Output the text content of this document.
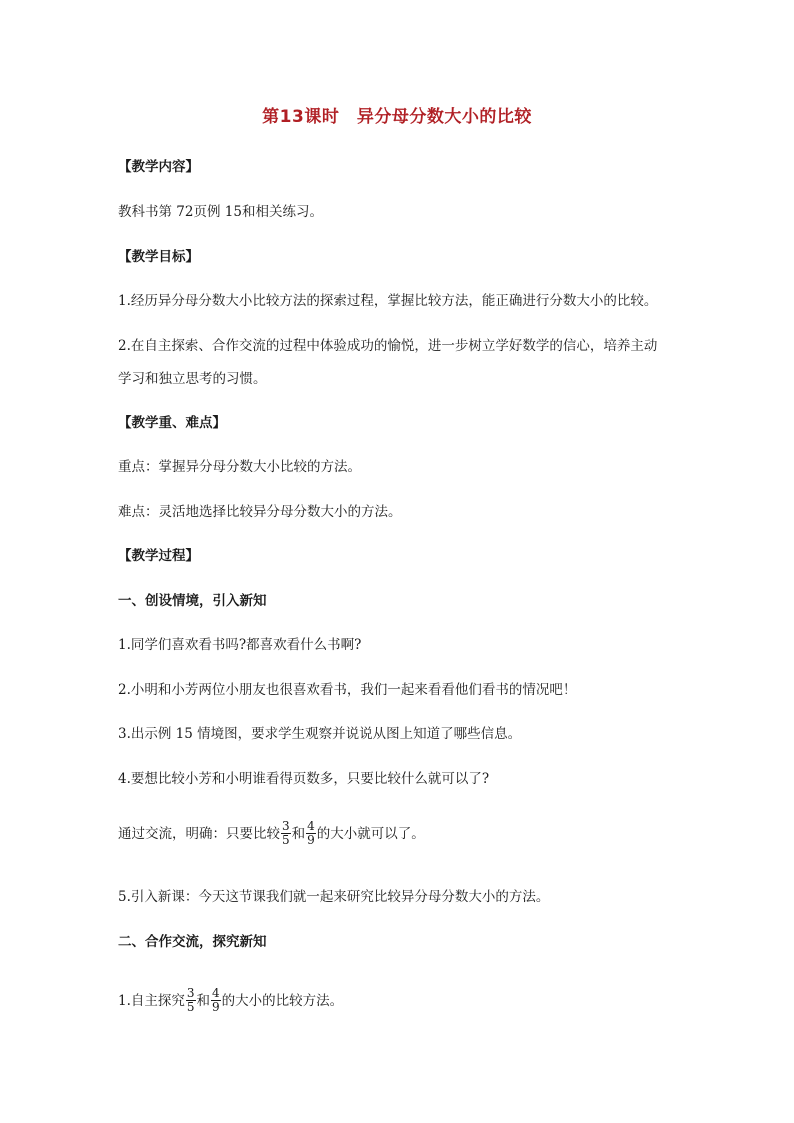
第13课时　异分母分数大小的比较

【教学内容】

教科书第 72页例 15和相关练习。

【教学目标】

1.经历异分母分数大小比较方法的探索过程，掌握比较方法，能正确进行分数大小的比较。

2.在自主探索、合作交流的过程中体验成功的愉悦，进一步树立学好数学的信心，培养主动

学习和独立思考的习惯。

【教学重、难点】

重点：掌握异分母分数大小比较的方法。

难点：灵活地选择比较异分母分数大小的方法。

【教学过程】

一、创设情境，引入新知

1.同学们喜欢看书吗?都喜欢看什么书啊?

2.小明和小芳两位小朋友也很喜欢看书，我们一起来看看他们看书的情况吧！

3.出示例 15 情境图，要求学生观察并说说从图上知道了哪些信息。

4.要想比较小芳和小明谁看得页数多，只要比较什么就可以了?

通过交流，明确：只要比较 $\frac{3}{5}$ 和 $\frac{4}{9}$ 的大小就可以了。

5.引入新课：今天这节课我们就一起来研究比较异分母分数大小的方法。

二、合作交流，探究新知

1.自主探究 $\frac{3}{5}$ 和 $\frac{4}{9}$ 的大小的比较方法。
